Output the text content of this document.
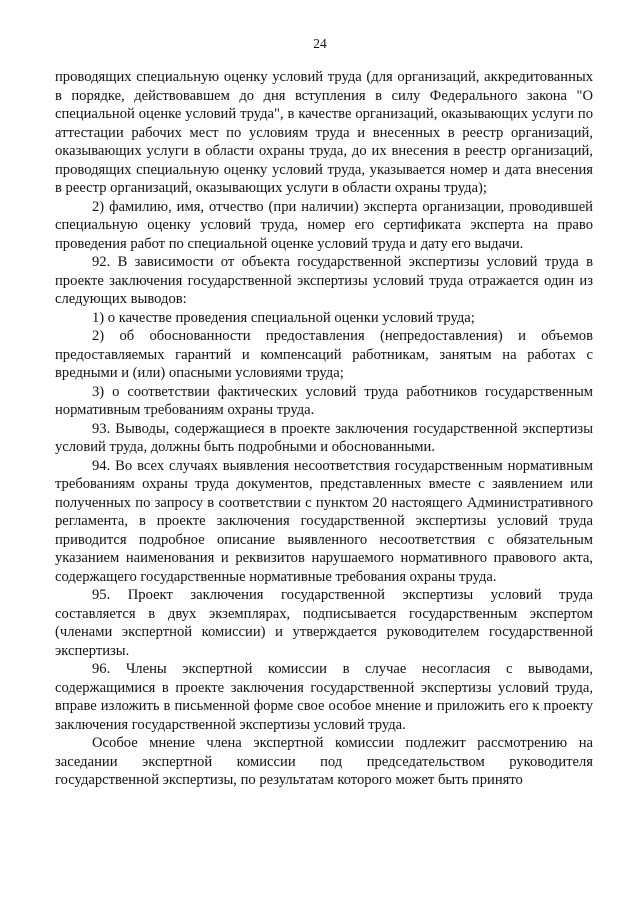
24

проводящих специальную оценку условий труда (для организаций, аккредитованных в порядке, действовавшем до дня вступления в силу Федерального закона "О специальной оценке условий труда", в качестве организаций, оказывающих услуги по аттестации рабочих мест по условиям труда и внесенных в реестр организаций, оказывающих услуги в области охраны труда, до их внесения в реестр организаций, проводящих специальную оценку условий труда, указывается номер и дата внесения в реестр организаций, оказывающих услуги в области охраны труда);

2) фамилию, имя, отчество (при наличии) эксперта организации, проводившей специальную оценку условий труда, номер его сертификата эксперта на право проведения работ по специальной оценке условий труда и дату его выдачи.

92. В зависимости от объекта государственной экспертизы условий труда в проекте заключения государственной экспертизы условий труда отражается один из следующих выводов:

1) о качестве проведения специальной оценки условий труда;

2) об обоснованности предоставления (непредоставления) и объемов предоставляемых гарантий и компенсаций работникам, занятым на работах с вредными и (или) опасными условиями труда;

3) о соответствии фактических условий труда работников государственным нормативным требованиям охраны труда.

93. Выводы, содержащиеся в проекте заключения государственной экспертизы условий труда, должны быть подробными и обоснованными.

94. Во всех случаях выявления несоответствия государственным нормативным требованиям охраны труда документов, представленных вместе с заявлением или полученных по запросу в соответствии с пунктом 20 настоящего Административного регламента, в проекте заключения государственной экспертизы условий труда приводится подробное описание выявленного несоответствия с обязательным указанием наименования и реквизитов нарушаемого нормативного правового акта, содержащего государственные нормативные требования охраны труда.

95. Проект заключения государственной экспертизы условий труда составляется в двух экземплярах, подписывается государственным экспертом (членами экспертной комиссии) и утверждается руководителем государственной экспертизы.

96. Члены экспертной комиссии в случае несогласия с выводами, содержащимися в проекте заключения государственной экспертизы условий труда, вправе изложить в письменной форме свое особое мнение и приложить его к проекту заключения государственной экспертизы условий труда.

Особое мнение члена экспертной комиссии подлежит рассмотрению на заседании экспертной комиссии под председательством руководителя государственной экспертизы, по результатам которого может быть принято
